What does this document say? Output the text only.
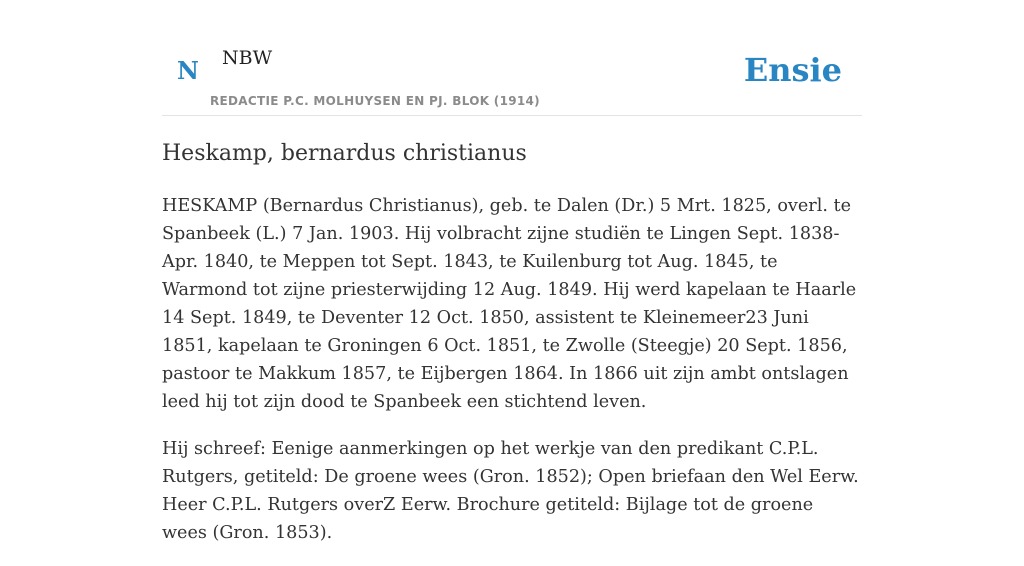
N NBW
REDACTIE P.C. MOLHUYSEN EN PJ. BLOK (1914)
Ensie
Heskamp, bernardus christianus

HESKAMP (Bernardus Christianus), geb. te Dalen (Dr.) 5 Mrt. 1825, overl. te Spanbeek (L.) 7 Jan. 1903. Hij volbracht zijne studiën te Lingen Sept. 1838-Apr. 1840, te Meppen tot Sept. 1843, te Kuilenburg tot Aug. 1845, te Warmond tot zijne priesterwijding 12 Aug. 1849. Hij werd kapelaan te Haarle 14 Sept. 1849, te Deventer 12 Oct. 1850, assistent te Kleinemeer23 Juni 1851, kapelaan te Groningen 6 Oct. 1851, te Zwolle (Steegje) 20 Sept. 1856, pastoor te Makkum 1857, te Eijbergen 1864. In 1866 uit zijn ambt ontslagen leed hij tot zijn dood te Spanbeek een stichtend leven.

Hij schreef: Eenige aanmerkingen op het werkje van den predikant C.P.L. Rutgers, getiteld: De groene wees (Gron. 1852); Open briefaan den Wel Eerw. Heer C.P.L. Rutgers overZ Eerw. Brochure getiteld: Bijlage tot de groene wees (Gron. 1853).
